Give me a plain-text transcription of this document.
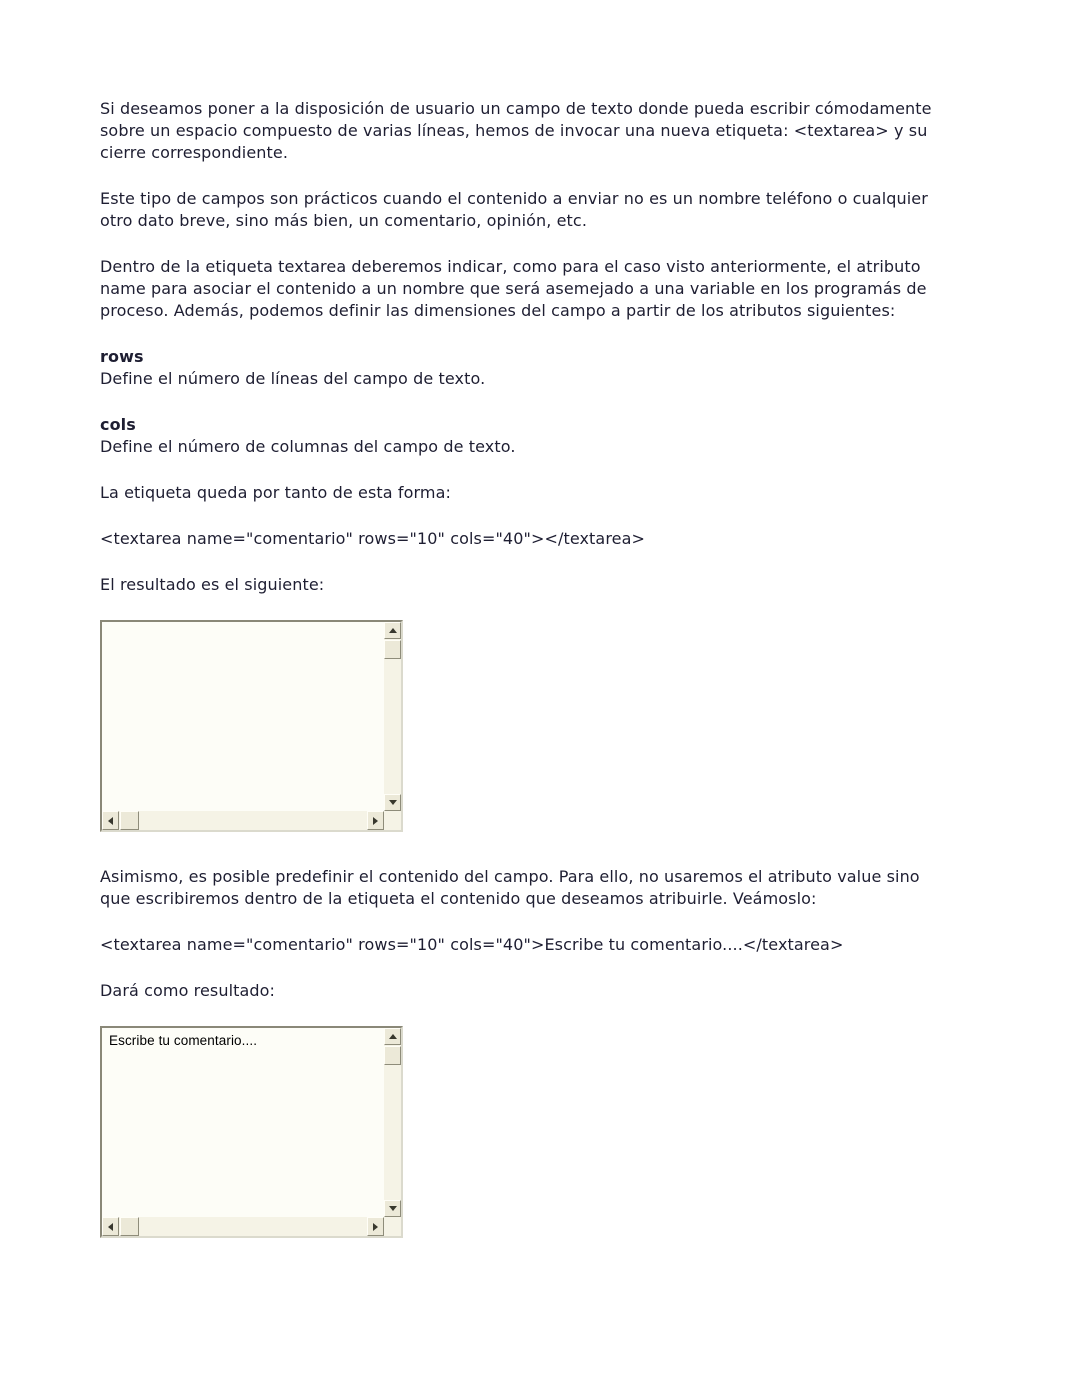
Si deseamos poner a la disposición de usuario un campo de texto donde pueda escribir cómodamente sobre un espacio compuesto de varias líneas, hemos de invocar una nueva etiqueta: <textarea> y su cierre correspondiente.

Este tipo de campos son prácticos cuando el contenido a enviar no es un nombre teléfono o cualquier otro dato breve, sino más bien, un comentario, opinión, etc.

Dentro de la etiqueta textarea deberemos indicar, como para el caso visto anteriormente, el atributo name para asociar el contenido a un nombre que será asemejado a una variable en los programás de proceso. Además, podemos definir las dimensiones del campo a partir de los atributos siguientes:

rows
Define el número de líneas del campo de texto.
cols
Define el número de columnas del campo de texto.

La etiqueta queda por tanto de esta forma:

<textarea name="comentario" rows="10" cols="40"></textarea>

El resultado es el siguiente:

Asimismo, es posible predefinir el contenido del campo. Para ello, no usaremos el atributo value sino que escribiremos dentro de la etiqueta el contenido que deseamos atribuirle. Veámoslo:

<textarea name="comentario" rows="10" cols="40">Escribe tu comentario....</textarea>

Dará como resultado:

Escribe tu comentario....
